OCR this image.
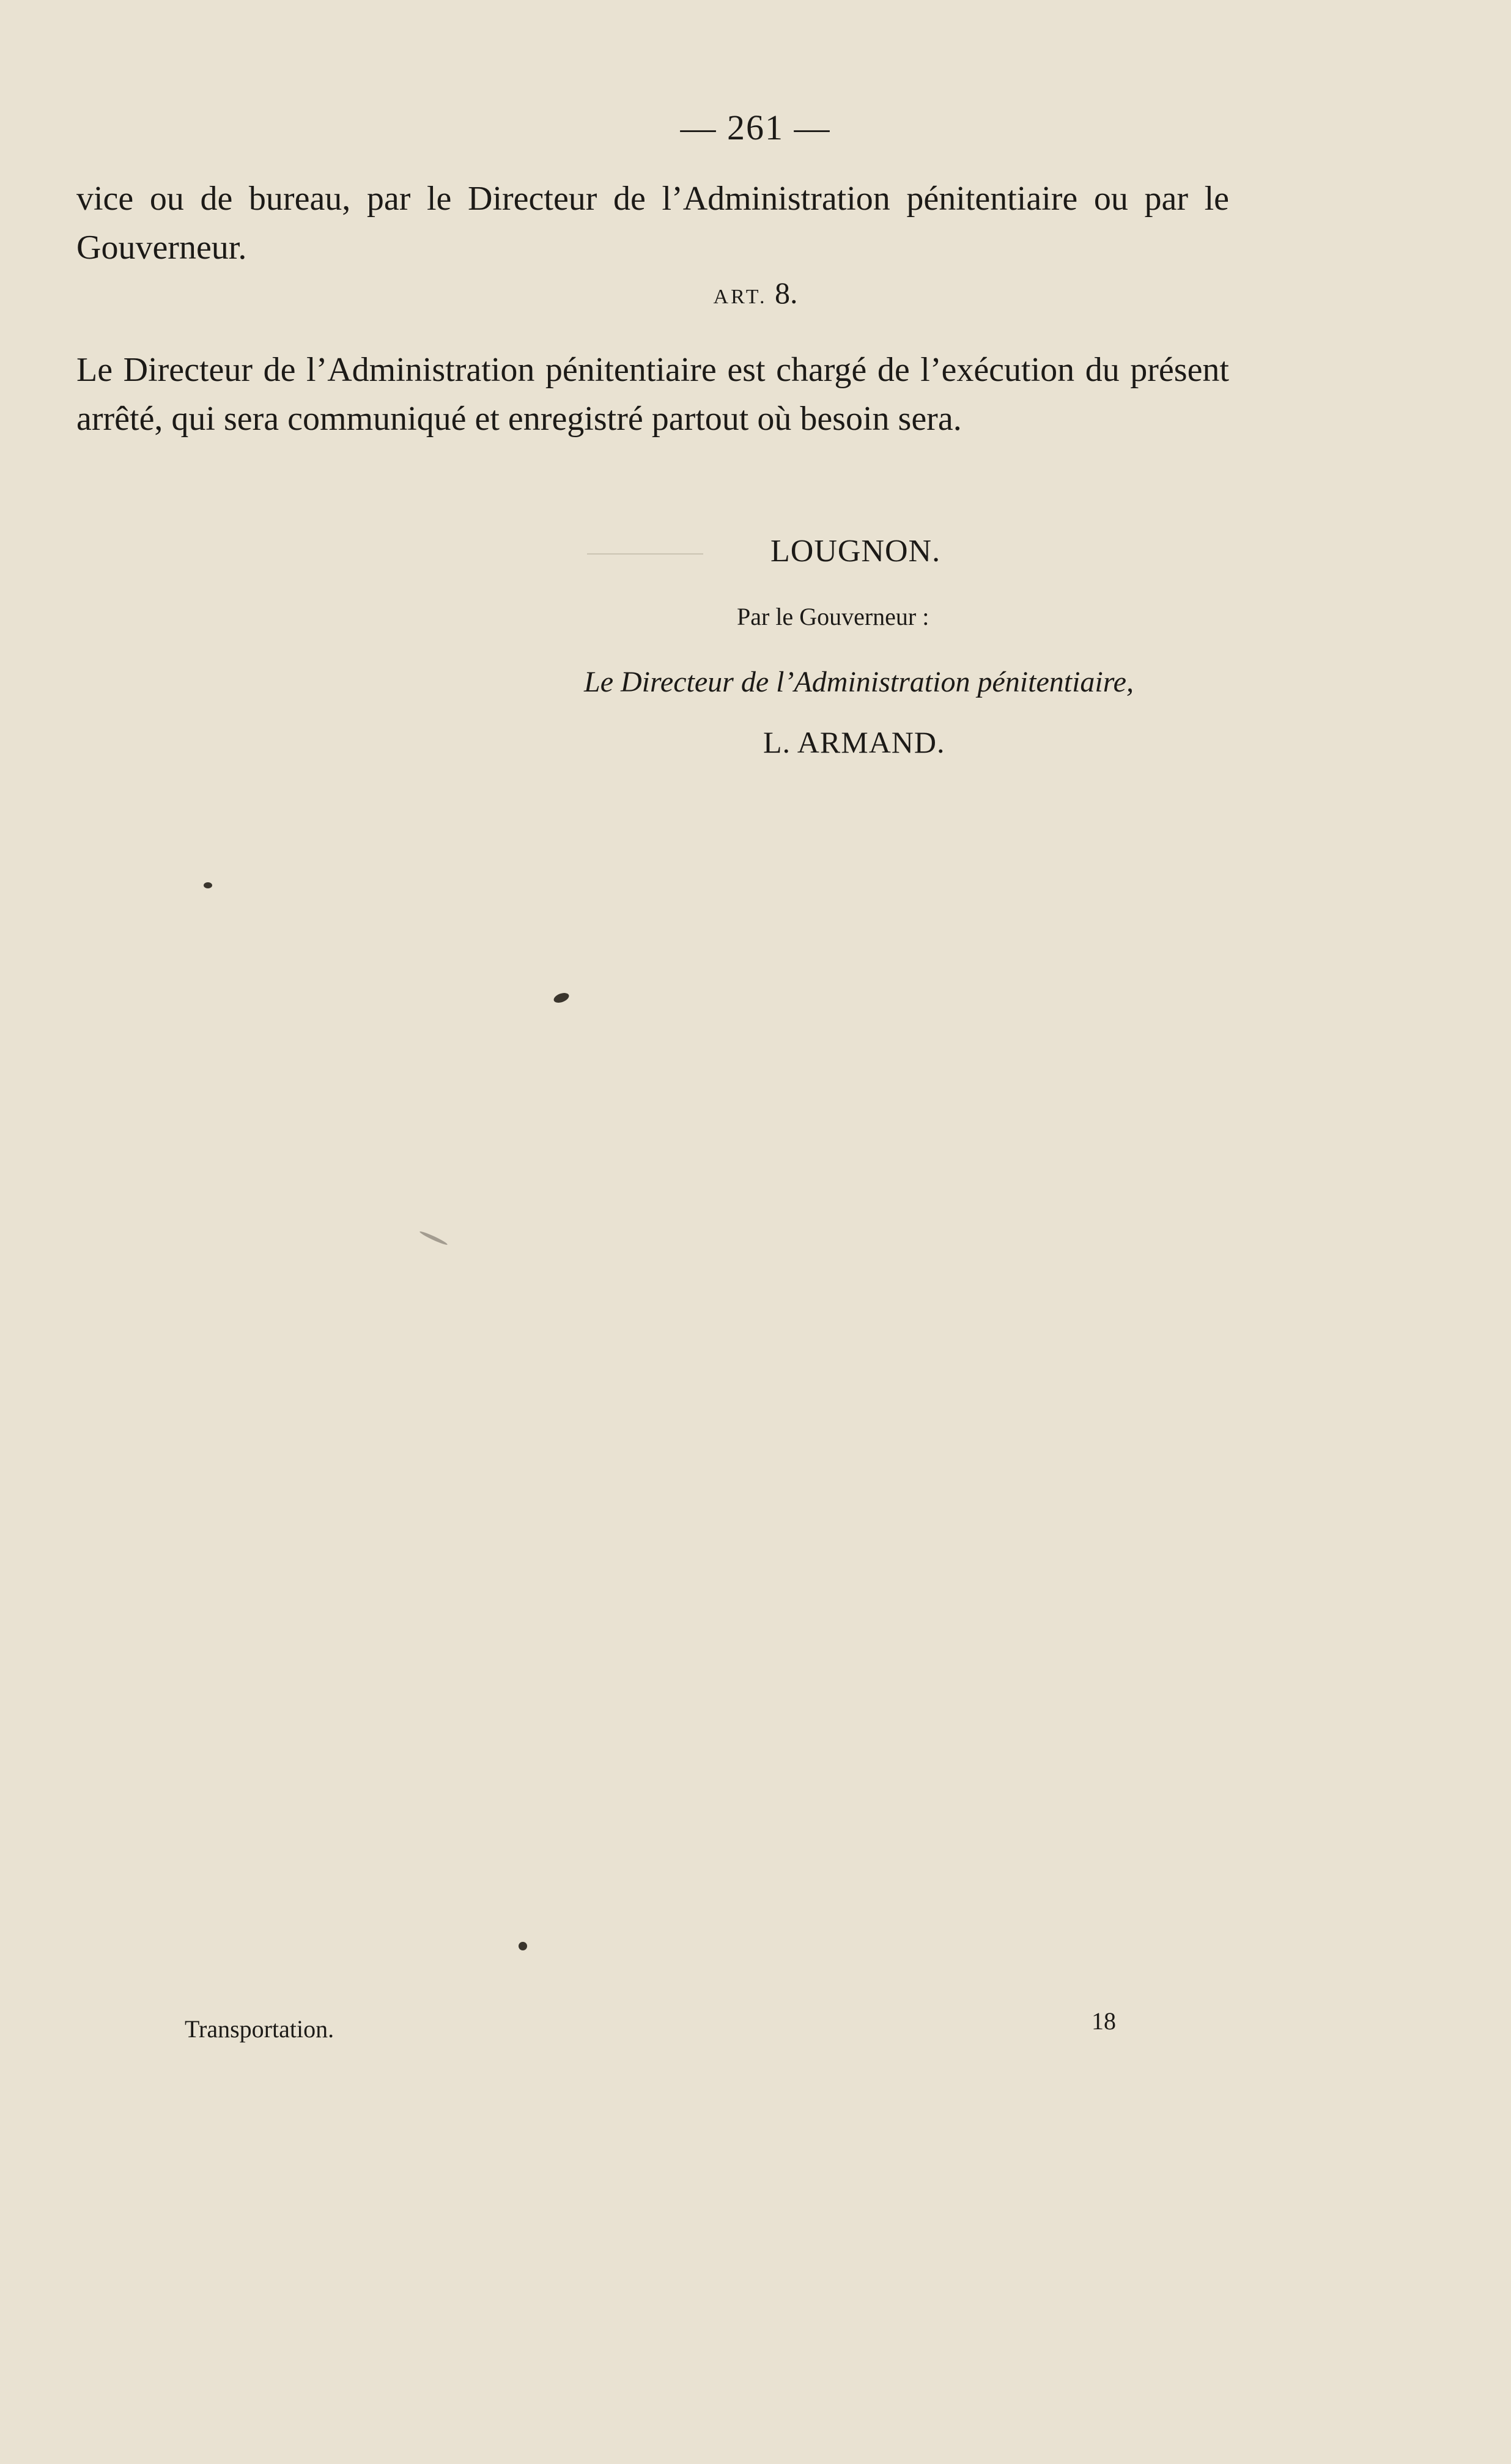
— 261 —
vice ou de bureau, par le Directeur de l’Administration pénitentiaire ou par le Gouverneur.
ART. 8.
Le Directeur de l’Administration pénitentiaire est chargé de l’exécution du présent arrêté, qui sera communiqué et enregistré partout où besoin sera.
LOUGNON.
Par le Gouverneur :
Le Directeur de l’Administration pénitentiaire,
L. ARMAND.
Transportation.	18
